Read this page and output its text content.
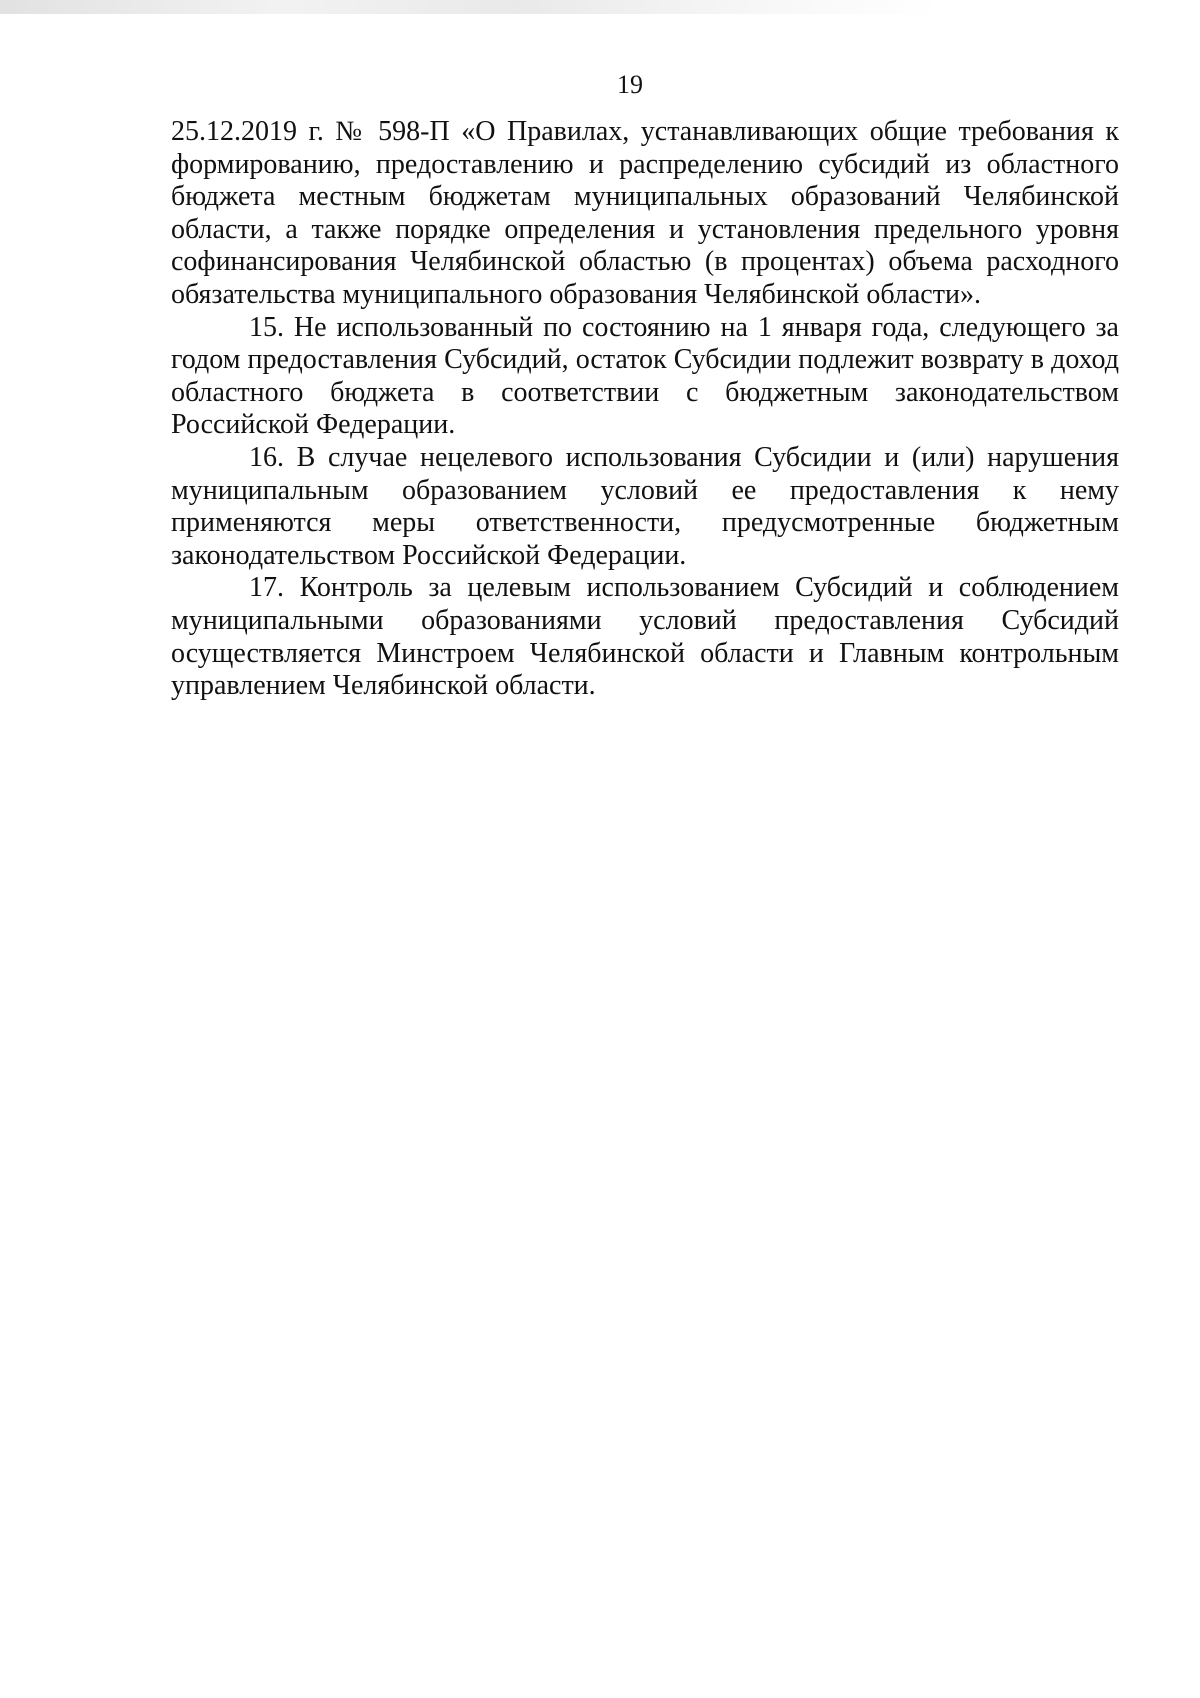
19

25.12.2019 г. № 598-П «О Правилах, устанавливающих общие требования к формированию, предоставлению и распределению субсидий из областного бюджета местным бюджетам муниципальных образований Челябинской области, а также порядке определения и установления предельного уровня софинансирования Челябинской областью (в процентах) объема расходного обязательства муниципального образования Челябинской области».

15. Не использованный по состоянию на 1 января года, следующего за годом предоставления Субсидий, остаток Субсидии подлежит возврату в доход областного бюджета в соответствии с бюджетным законодательством Российской Федерации.

16. В случае нецелевого использования Субсидии и (или) нарушения муниципальным образованием условий ее предоставления к нему применяются меры ответственности, предусмотренные бюджетным законодательством Российской Федерации.

17. Контроль за целевым использованием Субсидий и соблюдением муниципальными образованиями условий предоставления Субсидий осуществляется Минстроем Челябинской области и Главным контрольным управлением Челябинской области.
